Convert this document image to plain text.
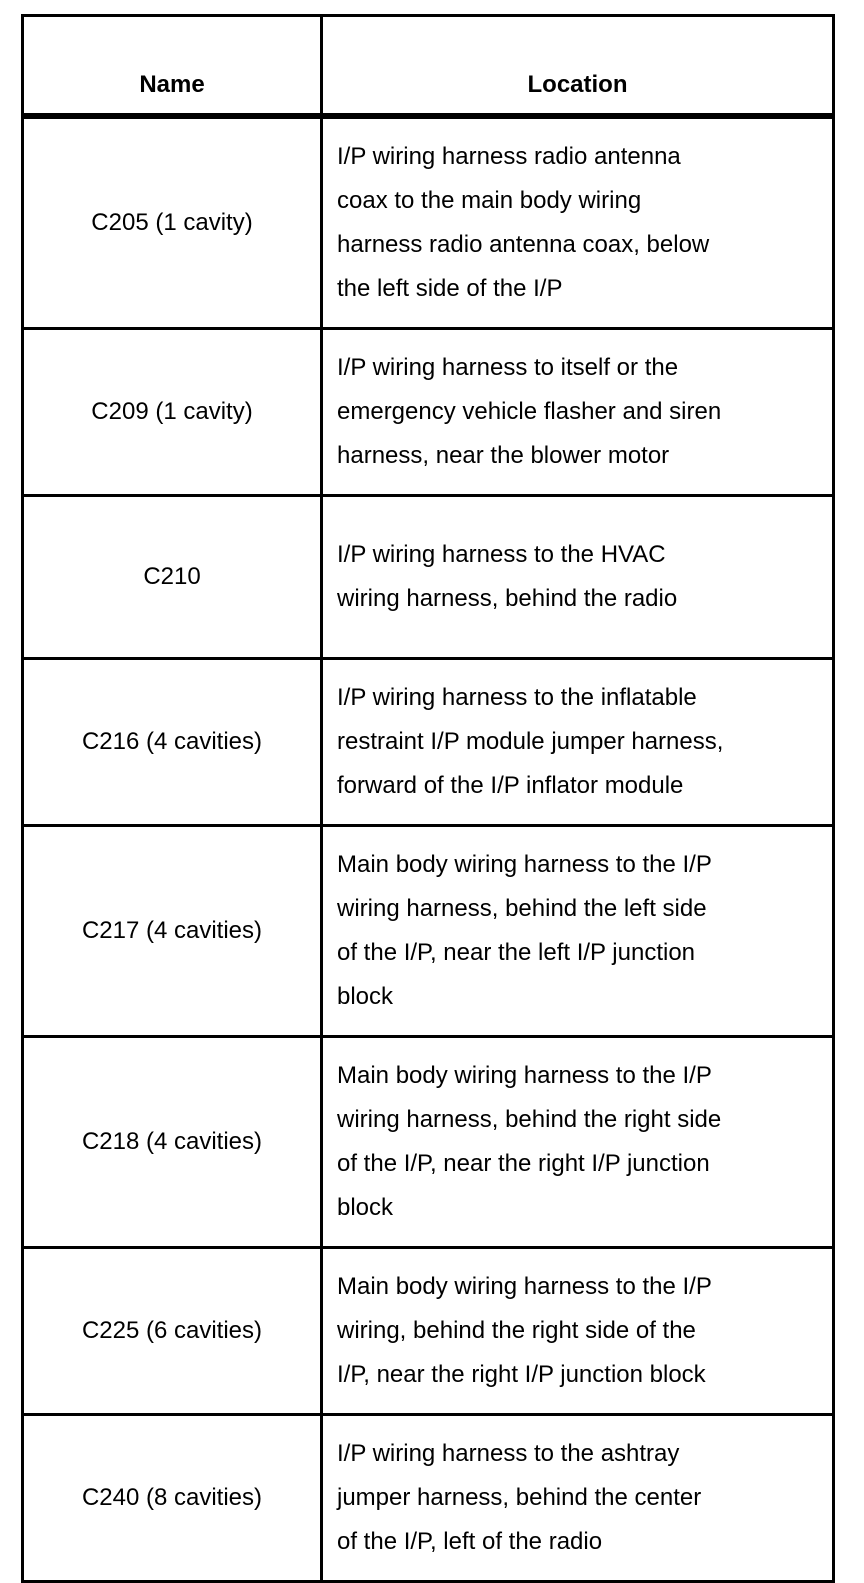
Name	Location
C205 (1 cavity)	I/P wiring harness radio antenna
coax to the main body wiring
harness radio antenna coax, below
the left side of the I/P

C209 (1 cavity)	I/P wiring harness to itself or the
emergency vehicle flasher and siren
harness, near the blower motor

C210	I/P wiring harness to the HVAC
wiring harness, behind the radio

C216 (4 cavities)	I/P wiring harness to the inflatable
restraint I/P module jumper harness,
forward of the I/P inflator module

C217 (4 cavities)	Main body wiring harness to the I/P
wiring harness, behind the left side
of the I/P, near the left I/P junction
block

C218 (4 cavities)	Main body wiring harness to the I/P
wiring harness, behind the right side
of the I/P, near the right I/P junction
block

C225 (6 cavities)	Main body wiring harness to the I/P
wiring, behind the right side of the
I/P, near the right I/P junction block

C240 (8 cavities)	I/P wiring harness to the ashtray
jumper harness, behind the center
of the I/P, left of the radio
